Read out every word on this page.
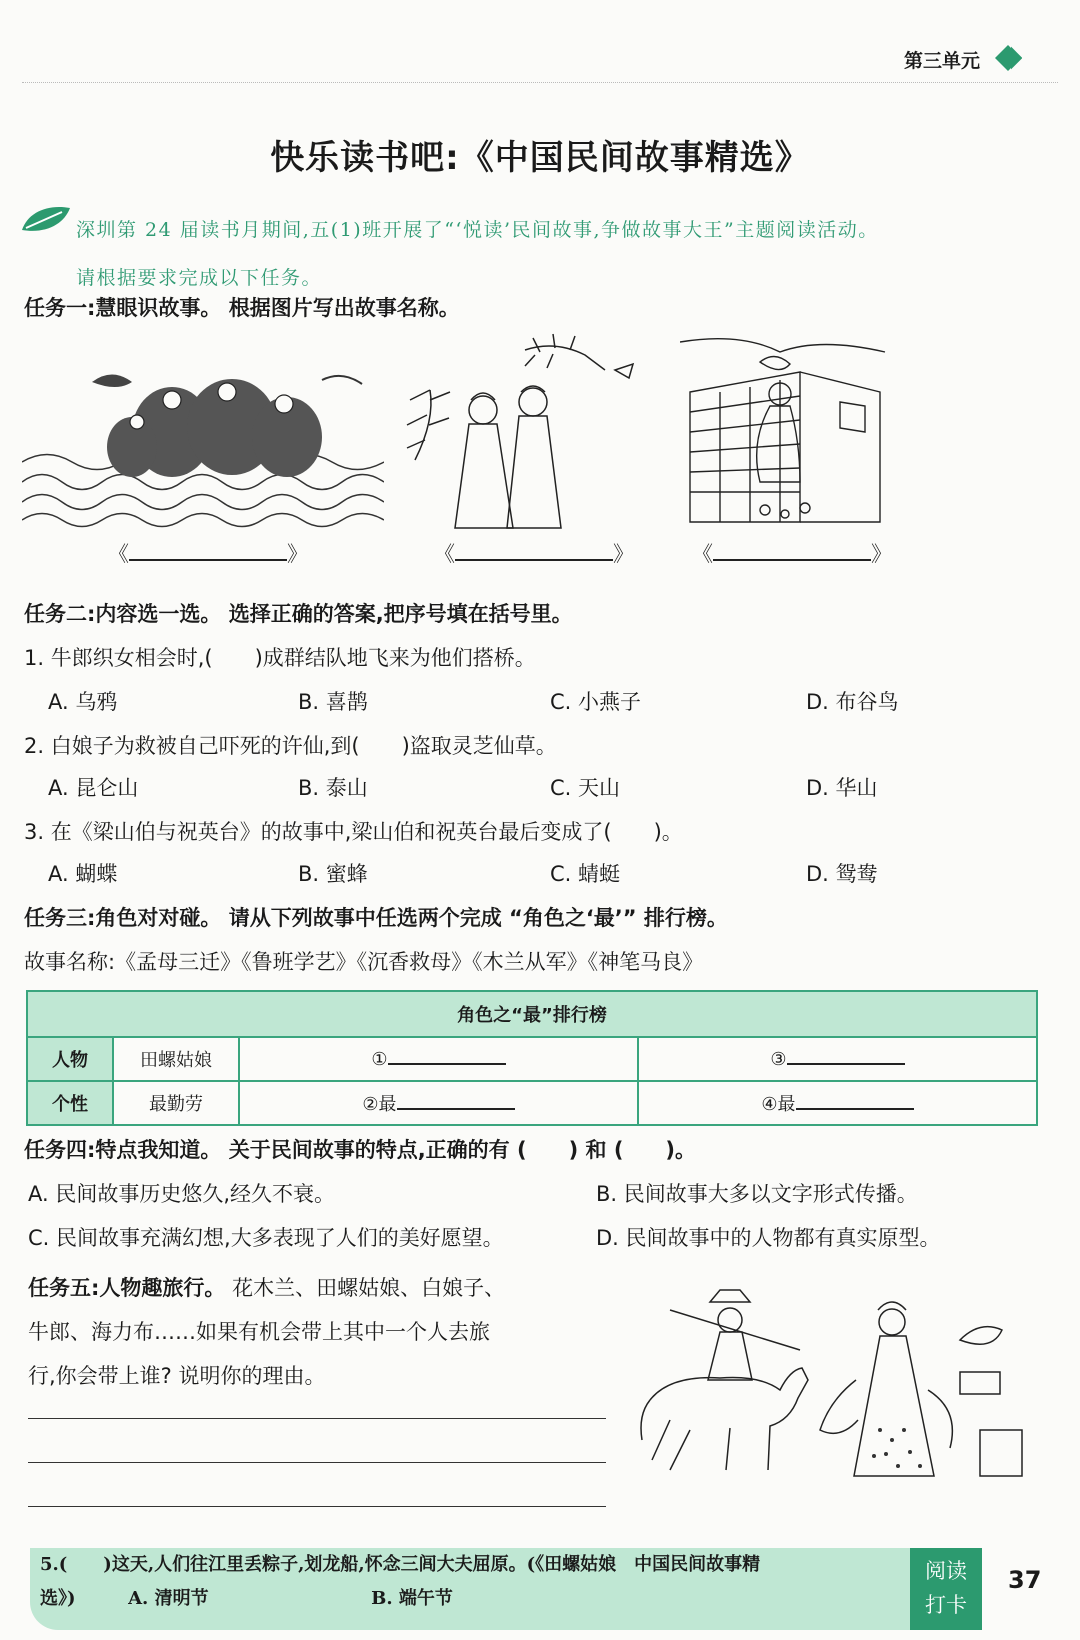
第三单元
快乐读书吧:《中国民间故事精选》
深圳第 24 届读书月期间,五(1)班开展了“‘悦读’民间故事,争做故事大王”主题阅读活动。
请根据要求完成以下任务。
任务一:慧眼识故事。 根据图片写出故事名称。
《	》	《	》	《	》
任务二:内容选一选。 选择正确的答案,把序号填在括号里。
1. 牛郎织女相会时,(　　)成群结队地飞来为他们搭桥。
A. 乌鸦	B. 喜鹊	C. 小燕子	D. 布谷鸟
2. 白娘子为救被自己吓死的许仙,到(　　)盗取灵芝仙草。
A. 昆仑山	B. 泰山	C. 天山	D. 华山
3. 在《梁山伯与祝英台》的故事中,梁山伯和祝英台最后变成了(　　)。
A. 蝴蝶	B. 蜜蜂	C. 蜻蜓	D. 鸳鸯
任务三:角色对对碰。 请从下列故事中任选两个完成 “角色之‘最’” 排行榜。
故事名称:《孟母三迁》《鲁班学艺》《沉香救母》《木兰从军》《神笔马良》
角色之“最”排行榜			
人物	田螺姑娘	①	③
个性	最勤劳	②最	④最
任务四:特点我知道。 关于民间故事的特点,正确的有 (　　) 和 (　　)。
A. 民间故事历史悠久,经久不衰。	B. 民间故事大多以文字形式传播。
C. 民间故事充满幻想,大多表现了人们的美好愿望。	D. 民间故事中的人物都有真实原型。
任务五:人物趣旅行。 花木兰、田螺姑娘、白娘子、
牛郎、海力布……如果有机会带上其中一个人去旅
行,你会带上谁? 说明你的理由。
5.(　　)这天,人们往江里丢粽子,划龙船,怀念三闾大夫屈原。(《田螺姑娘　中国民间故事精
选》)	A. 清明节	B. 端午节
阅读
打卡
37
